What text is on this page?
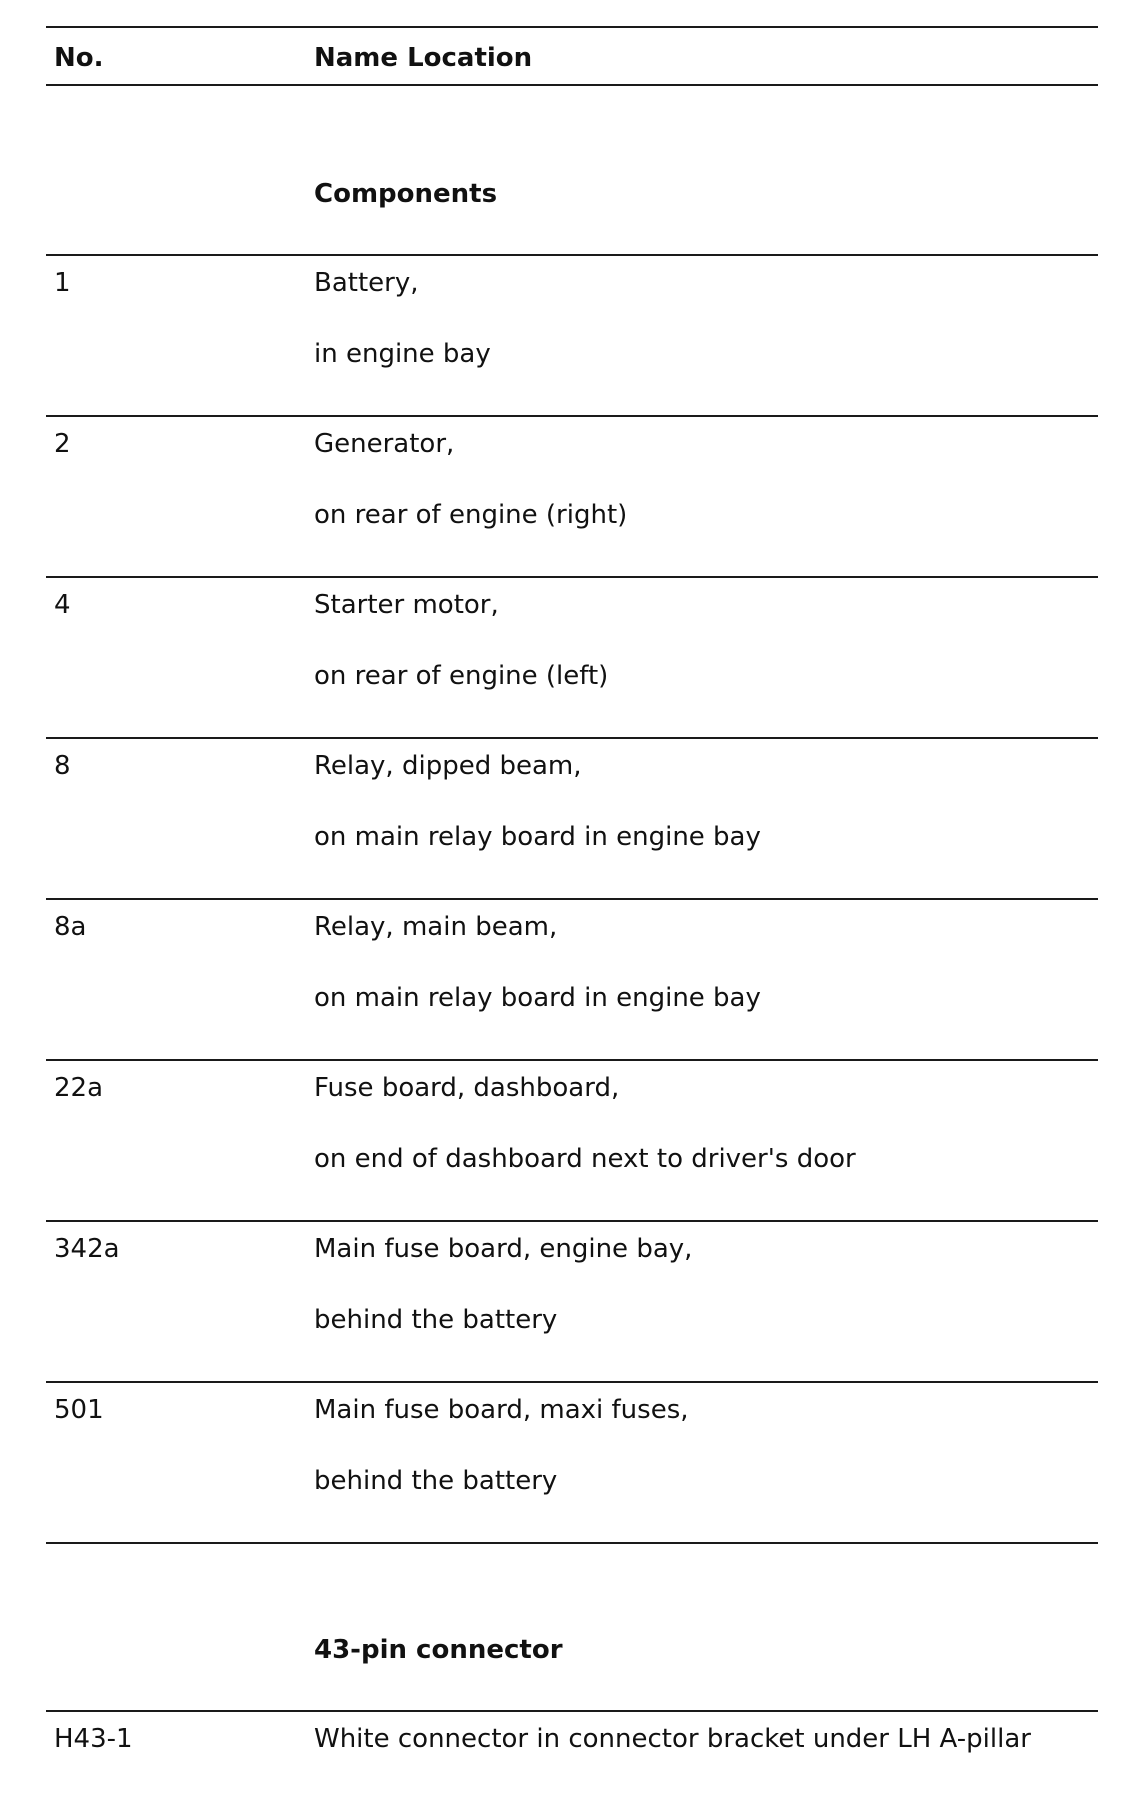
No.	Name Location
Components
1	Battery,
in engine bay
2	Generator,
on rear of engine (right)
4	Starter motor,
on rear of engine (left)
8	Relay, dipped beam,
on main relay board in engine bay
8a	Relay, main beam,
on main relay board in engine bay
22a	Fuse board, dashboard,
on end of dashboard next to driver's door
342a	Main fuse board, engine bay,
behind the battery
501	Main fuse board, maxi fuses,
behind the battery
43-pin connector
H43-1	White connector in connector bracket under LH A-pillar
